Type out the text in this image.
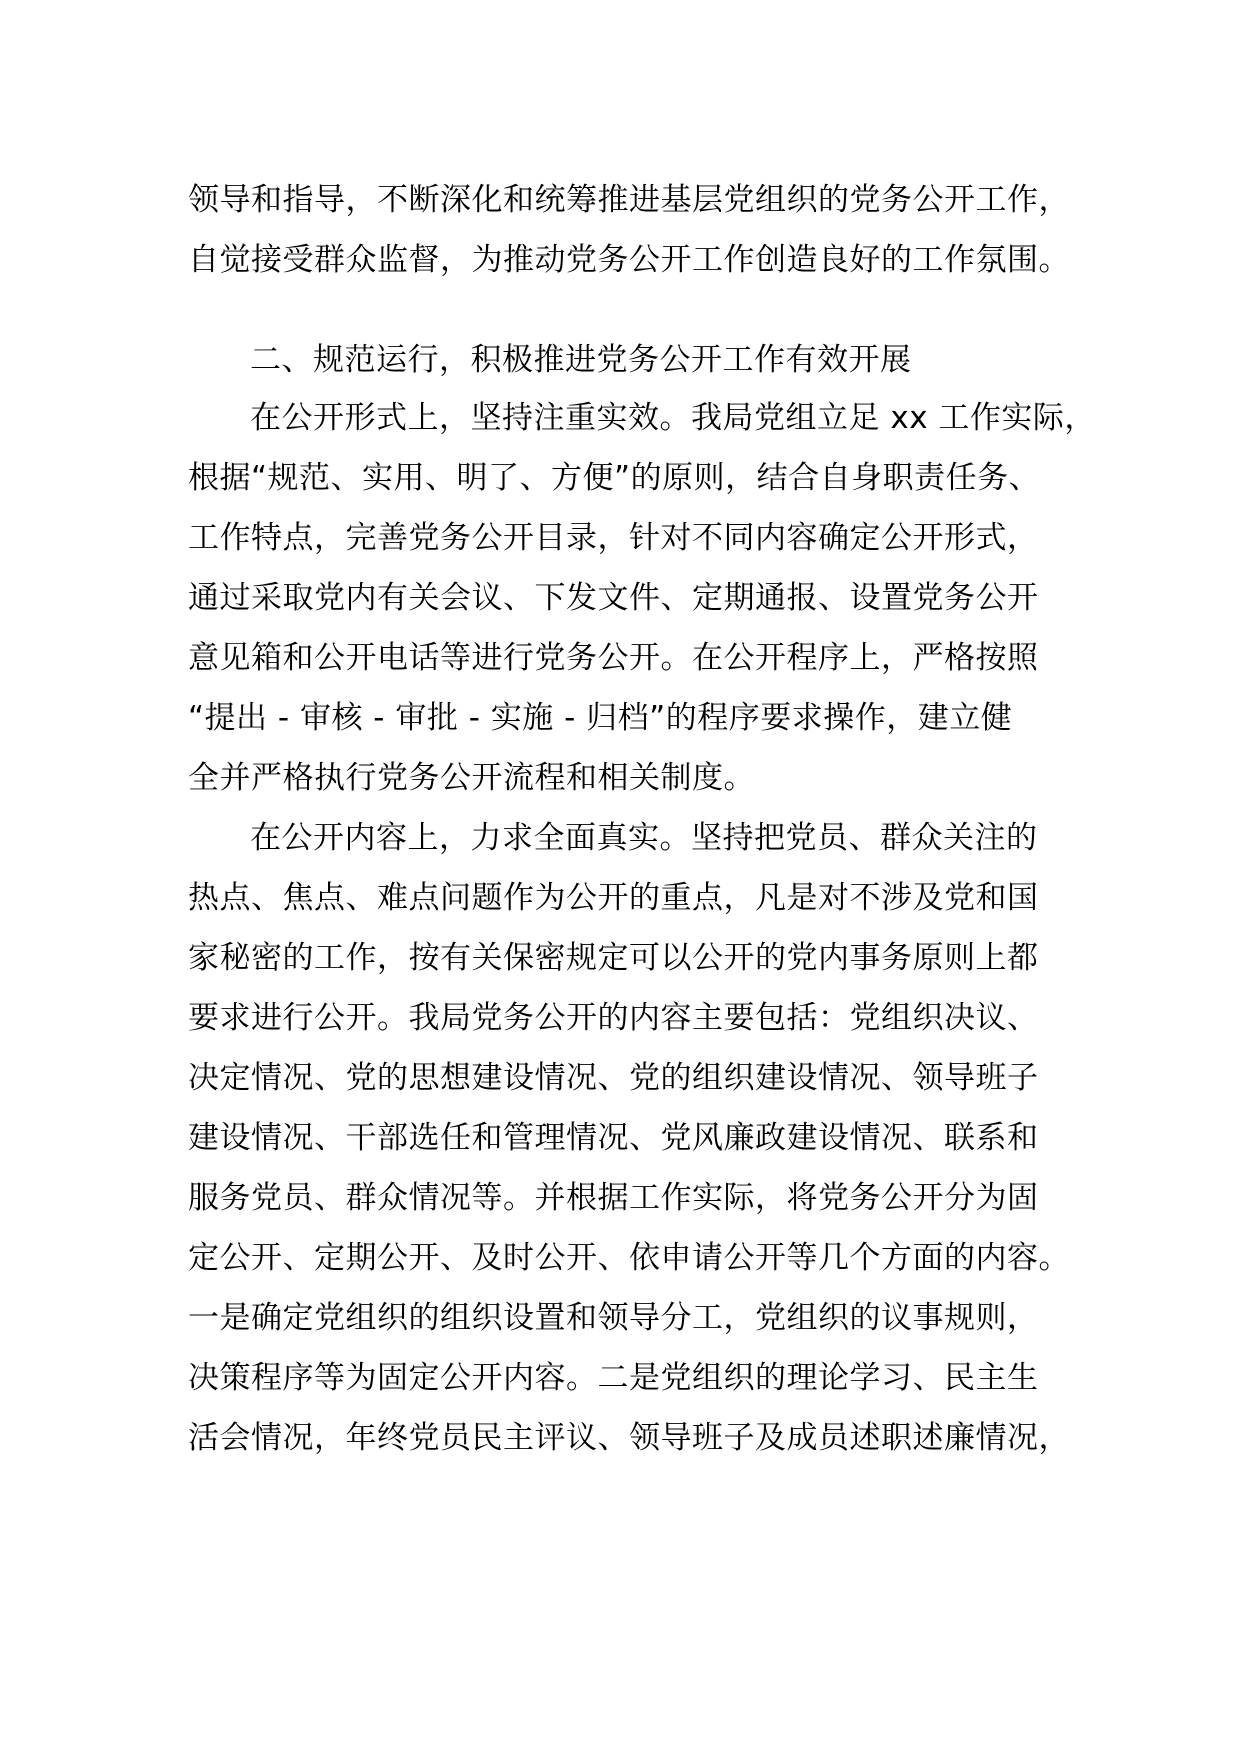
领导和指导，不断深化和统筹推进基层党组织的党务公开工作，
自觉接受群众监督，为推动党务公开工作创造良好的工作氛围。
二、规范运行，积极推进党务公开工作有效开展
在公开形式上，坚持注重实效。我局党组立足 xx 工作实际，
根据“规范、实用、明了、方便”的原则，结合自身职责任务、
工作特点，完善党务公开目录，针对不同内容确定公开形式，
通过采取党内有关会议、下发文件、定期通报、设置党务公开
意见箱和公开电话等进行党务公开。在公开程序上，严格按照
“提出 - 审核 - 审批 - 实施 - 归档”的程序要求操作，建立健
全并严格执行党务公开流程和相关制度。
在公开内容上，力求全面真实。坚持把党员、群众关注的
热点、焦点、难点问题作为公开的重点，凡是对不涉及党和国
家秘密的工作，按有关保密规定可以公开的党内事务原则上都
要求进行公开。我局党务公开的内容主要包括：党组织决议、
决定情况、党的思想建设情况、党的组织建设情况、领导班子
建设情况、干部选任和管理情况、党风廉政建设情况、联系和
服务党员、群众情况等。并根据工作实际，将党务公开分为固
定公开、定期公开、及时公开、依申请公开等几个方面的内容。
一是确定党组织的组织设置和领导分工，党组织的议事规则，
决策程序等为固定公开内容。二是党组织的理论学习、民主生
活会情况，年终党员民主评议、领导班子及成员述职述廉情况，
